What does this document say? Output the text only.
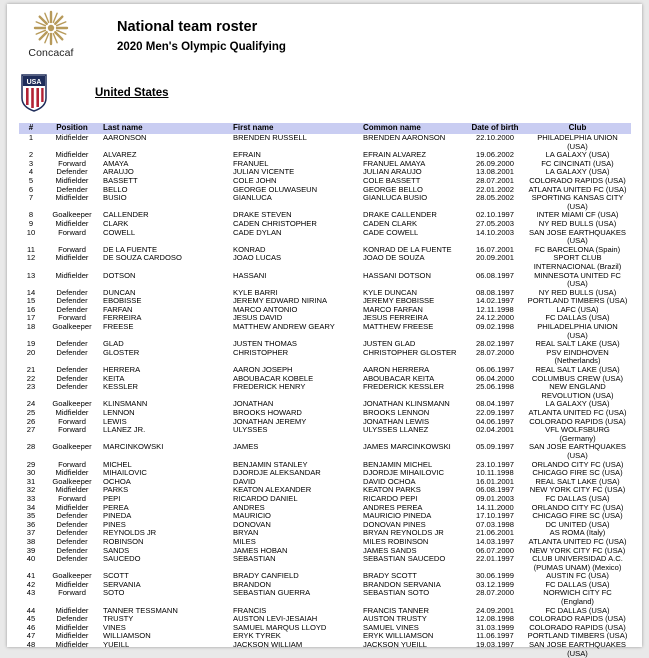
Concacaf
National team roster
2020 Men's Olympic Qualifying
USA
United States
#	Position	Last name	First name	Common name	Date of birth	Club
1	Midfielder	AARONSON	BRENDEN RUSSELL	BRENDEN AARONSON	22.10.2000	PHILADELPHIA UNION (USA)
2	Midfielder	ALVAREZ	EFRAIN	EFRAIN ALVAREZ	19.06.2002	LA GALAXY (USA)
3	Forward	AMAYA	FRANUEL	FRANUEL AMAYA	26.09.2000	FC CINCINATI (USA)
4	Defender	ARAUJO	JULIAN VICENTE	JULIAN ARAUJO	13.08.2001	LA GALAXY (USA)
5	Midfielder	BASSETT	COLE JOHN	COLE BASSETT	28.07.2001	COLORADO RAPIDS (USA)
6	Defender	BELLO	GEORGE OLUWASEUN	GEORGE BELLO	22.01.2002	ATLANTA UNITED FC (USA)
7	Midfielder	BUSIO	GIANLUCA	GIANLUCA BUSIO	28.05.2002	SPORTING KANSAS CITY (USA)
8	Goalkeeper	CALLENDER	DRAKE STEVEN	DRAKE CALLENDER	02.10.1997	INTER MIAMI CF (USA)
9	Midfielder	CLARK	CADEN CHRISTOPHER	CADEN CLARK	27.05.2003	NY RED BULLS (USA)
10	Forward	COWELL	CADE DYLAN	CADE COWELL	14.10.2003	SAN JOSE EARTHQUAKES (USA)
11	Forward	DE LA FUENTE	KONRAD	KONRAD DE LA FUENTE	16.07.2001	FC BARCELONA (Spain)
12	Midfielder	DE SOUZA CARDOSO	JOAO LUCAS	JOAO DE SOUZA	20.09.2001	SPORT CLUB INTERNACIONAL (Brazil)
13	Midfielder	DOTSON	HASSANI	HASSANI DOTSON	06.08.1997	MINNESOTA UNITED FC (USA)
14	Defender	DUNCAN	KYLE BARRI	KYLE DUNCAN	08.08.1997	NY RED BULLS (USA)
15	Defender	EBOBISSE	JEREMY EDWARD NIRINA	JEREMY EBOBISSE	14.02.1997	PORTLAND TIMBERS (USA)
16	Defender	FARFAN	MARCO ANTONIO	MARCO FARFAN	12.11.1998	LAFC (USA)
17	Forward	FERREIRA	JESUS DAVID	JESUS FERREIRA	24.12.2000	FC DALLAS (USA)
18	Goalkeeper	FREESE	MATTHEW ANDREW GEARY	MATTHEW FREESE	09.02.1998	PHILADELPHIA UNION (USA)
19	Defender	GLAD	JUSTEN THOMAS	JUSTEN GLAD	28.02.1997	REAL SALT LAKE (USA)
20	Defender	GLOSTER	CHRISTOPHER	CHRISTOPHER GLOSTER	28.07.2000	PSV EINDHOVEN (Netherlands)
21	Defender	HERRERA	AARON JOSEPH	AARON HERRERA	06.06.1997	REAL SALT LAKE (USA)
22	Defender	KEITA	ABOUBACAR KOBELE	ABOUBACAR KEITA	06.04.2000	COLUMBUS CREW (USA)
23	Defender	KESSLER	FREDERICK HENRY	FREDERICK KESSLER	25.06.1998	NEW ENGLAND REVOLUTION (USA)
24	Goalkeeper	KLINSMANN	JONATHAN	JONATHAN KLINSMANN	08.04.1997	LA GALAXY (USA)
25	Midfielder	LENNON	BROOKS HOWARD	BROOKS LENNON	22.09.1997	ATLANTA UNITED FC (USA)
26	Forward	LEWIS	JONATHAN JEREMY	JONATHAN LEWIS	04.06.1997	COLORADO RAPIDS (USA)
27	Forward	LLANEZ JR.	ULYSSES	ULYSSES LLANEZ	02.04.2001	VFL WOLFSBURG (Germany)
28	Goalkeeper	MARCINKOWSKI	JAMES	JAMES MARCINKOWSKI	05.09.1997	SAN JOSE EARTHQUAKES (USA)
29	Forward	MICHEL	BENJAMIN STANLEY	BENJAMIN MICHEL	23.10.1997	ORLANDO CITY FC (USA)
30	Midfielder	MIHAILOVIC	DJORDJE ALEKSANDAR	DJORDJE MIHAILOVIC	10.11.1998	CHICAGO FIRE SC (USA)
31	Goalkeeper	OCHOA	DAVID	DAVID OCHOA	16.01.2001	REAL SALT LAKE (USA)
32	Midfielder	PARKS	KEATON ALEXANDER	KEATON PARKS	06.08.1997	NEW YORK CITY FC (USA)
33	Forward	PEPI	RICARDO DANIEL	RICARDO PEPI	09.01.2003	FC DALLAS (USA)
34	Midfielder	PEREA	ANDRES	ANDRES PEREA	14.11.2000	ORLANDO CITY FC (USA)
35	Defender	PINEDA	MAURICIO	MAURICIO PINEDA	17.10.1997	CHICAGO FIRE SC (USA)
36	Defender	PINES	DONOVAN	DONOVAN PINES	07.03.1998	DC UNITED (USA)
37	Defender	REYNOLDS JR	BRYAN	BRYAN REYNOLDS JR	21.06.2001	AS ROMA (Italy)
38	Defender	ROBINSON	MILES	MILES ROBINSON	14.03.1997	ATLANTA UNITED FC (USA)
39	Defender	SANDS	JAMES HOBAN	JAMES SANDS	06.07.2000	NEW YORK CITY FC (USA)
40	Defender	SAUCEDO	SEBASTIAN	SEBASTIAN SAUCEDO	22.01.1997	CLUB UNIVERSIDAD A.C. (PUMAS UNAM) (Mexico)
41	Goalkeeper	SCOTT	BRADY CANFIELD	BRADY SCOTT	30.06.1999	AUSTIN FC (USA)
42	Midfielder	SERVANIA	BRANDON	BRANDON SERVANIA	03.12.1999	FC DALLAS (USA)
43	Forward	SOTO	SEBASTIAN GUERRA	SEBASTIAN SOTO	28.07.2000	NORWICH CITY FC (England)
44	Midfielder	TANNER TESSMANN	FRANCIS	FRANCIS TANNER	24.09.2001	FC DALLAS (USA)
45	Defender	TRUSTY	AUSTON LEVI-JESAIAH	AUSTON TRUSTY	12.08.1998	COLORADO RAPIDS (USA)
46	Midfielder	VINES	SAMUEL MARQUS LLOYD	SAMUEL VINES	31.03.1999	COLORADO RAPIDS (USA)
47	Midfielder	WILLIAMSON	ERYK TYREK	ERYK WILLIAMSON	11.06.1997	PORTLAND TIMBERS (USA)
48	Midfielder	YUEILL	JACKSON WILLIAM	JACKSON YUEILL	19.03.1997	SAN JOSE EARTHQUAKES (USA)
